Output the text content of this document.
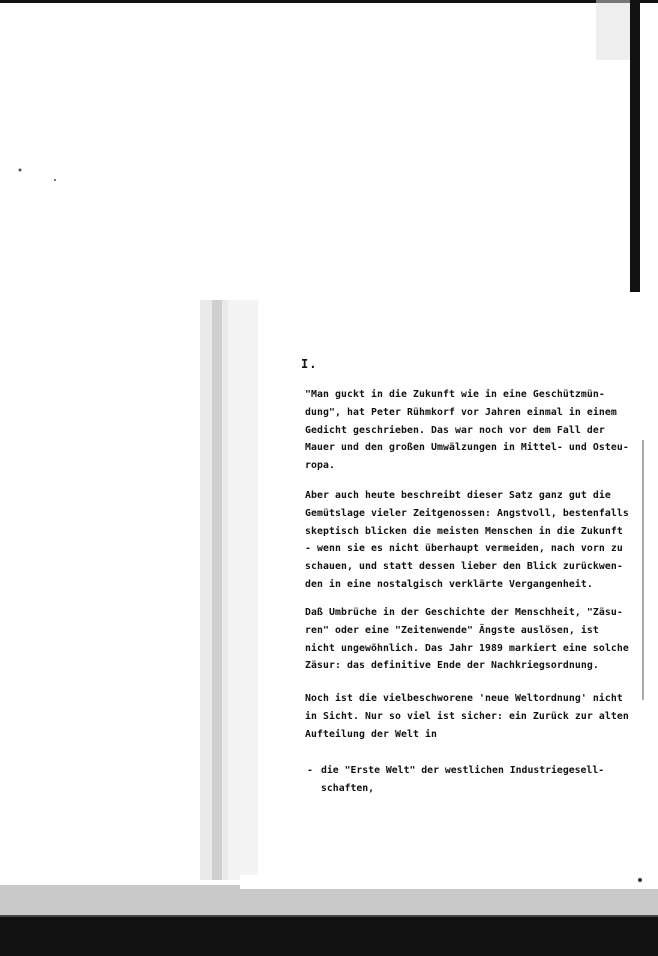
I.
"Man guckt in die Zukunft wie in eine Geschützmün-
dung", hat Peter Rühmkorf vor Jahren einmal in einem
Gedicht geschrieben. Das war noch vor dem Fall der
Mauer und den großen Umwälzungen in Mittel- und Osteu-
ropa.
Aber auch heute beschreibt dieser Satz ganz gut die
Gemütslage vieler Zeitgenossen: Angstvoll, bestenfalls
skeptisch blicken die meisten Menschen in die Zukunft
- wenn sie es nicht überhaupt vermeiden, nach vorn zu
schauen, und statt dessen lieber den Blick zurückwen-
den in eine nostalgisch verklärte Vergangenheit.
Daß Umbrüche in der Geschichte der Menschheit, "Zäsu-
ren" oder eine "Zeitenwende" Ängste auslösen, ist
nicht ungewöhnlich. Das Jahr 1989 markiert eine solche
Zäsur: das definitive Ende der Nachkriegsordnung.
Noch ist die vielbeschworene 'neue Weltordnung' nicht
in Sicht. Nur so viel ist sicher: ein Zurück zur alten
Aufteilung der Welt in
- die "Erste Welt" der westlichen Industriegesell-
schaften,
